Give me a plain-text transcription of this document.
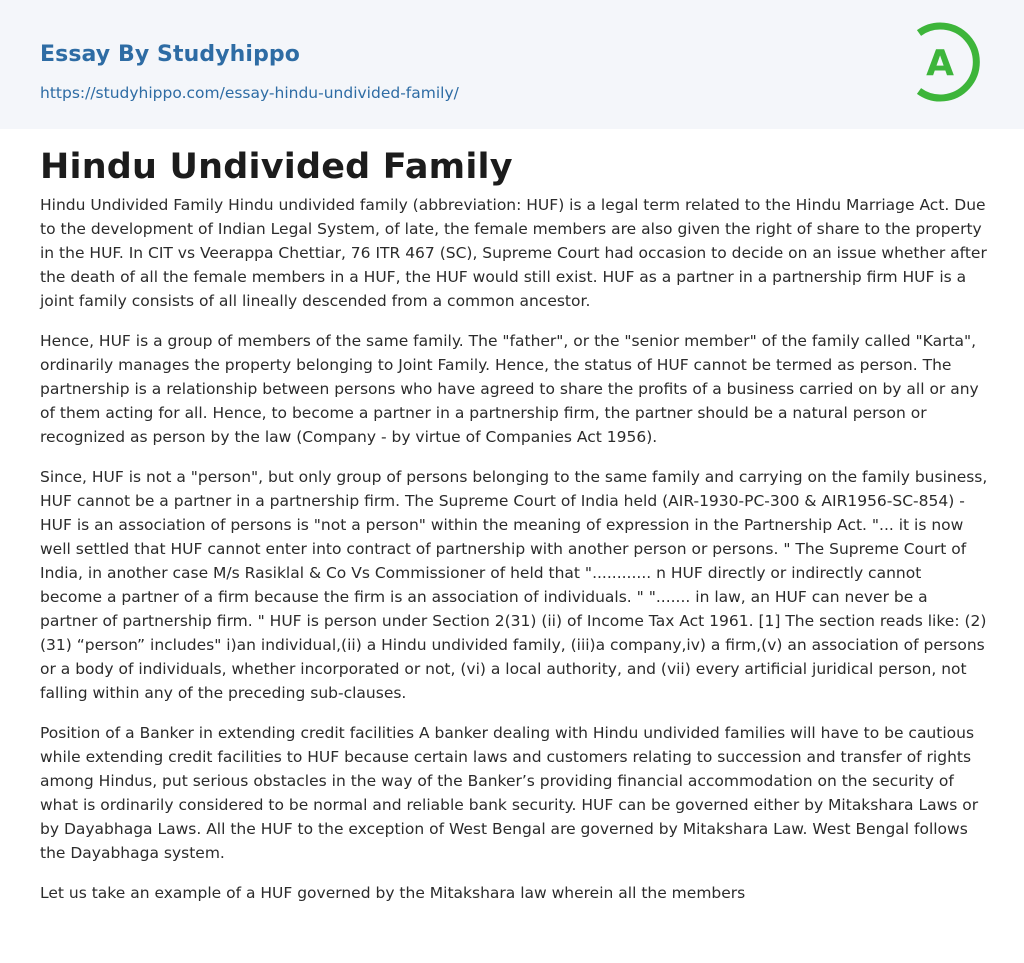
Essay By Studyhippo
https://studyhippo.com/essay-hindu-undivided-family/
A
Hindu Undivided Family

Hindu Undivided Family Hindu undivided family (abbreviation: HUF) is a legal term related to the Hindu Marriage Act. Due to the development of Indian Legal System, of late, the female members are also given the right of share to the property in the HUF. In CIT vs Veerappa Chettiar, 76 ITR 467 (SC), Supreme Court had occasion to decide on an issue whether after the death of all the female members in a HUF, the HUF would still exist. HUF as a partner in a partnership firm HUF is a joint family consists of all lineally descended from a common ancestor.

Hence, HUF is a group of members of the same family. The "father", or the "senior member" of the family called "Karta", ordinarily manages the property belonging to Joint Family. Hence, the status of HUF cannot be termed as person. The partnership is a relationship between persons who have agreed to share the profits of a business carried on by all or any of them acting for all. Hence, to become a partner in a partnership firm, the partner should be a natural person or recognized as person by the law (Company - by virtue of Companies Act 1956).

Since, HUF is not a "person", but only group of persons belonging to the same family and carrying on the family business, HUF cannot be a partner in a partnership firm. The Supreme Court of India held (AIR-1930-PC-300 & AIR1956-SC-854) - HUF is an association of persons is "not a person" within the meaning of expression in the Partnership Act. "... it is now well settled that HUF cannot enter into contract of partnership with another person or persons. " The Supreme Court of India, in another case M/s Rasiklal & Co Vs Commissioner of held that "............ n HUF directly or indirectly cannot become a partner of a firm because the firm is an association of individuals. " "....... in law, an HUF can never be a partner of partnership firm. " HUF is person under Section 2(31) (ii) of Income Tax Act 1961. [1] The section reads like: (2)(31) “person” includes" i)an individual,(ii) a Hindu undivided family, (iii)a company,iv) a firm,(v) an association of persons or a body of individuals, whether incorporated or not, (vi) a local authority, and (vii) every artificial juridical person, not falling within any of the preceding sub-clauses.

Position of a Banker in extending credit facilities A banker dealing with Hindu undivided families will have to be cautious while extending credit facilities to HUF because certain laws and customers relating to succession and transfer of rights among Hindus, put serious obstacles in the way of the Banker’s providing financial accommodation on the security of what is ordinarily considered to be normal and reliable bank security. HUF can be governed either by Mitakshara Laws or by Dayabhaga Laws. All the HUF to the exception of West Bengal are governed by Mitakshara Law. West Bengal follows the Dayabhaga system.

Let us take an example of a HUF governed by the Mitakshara law wherein all the members
